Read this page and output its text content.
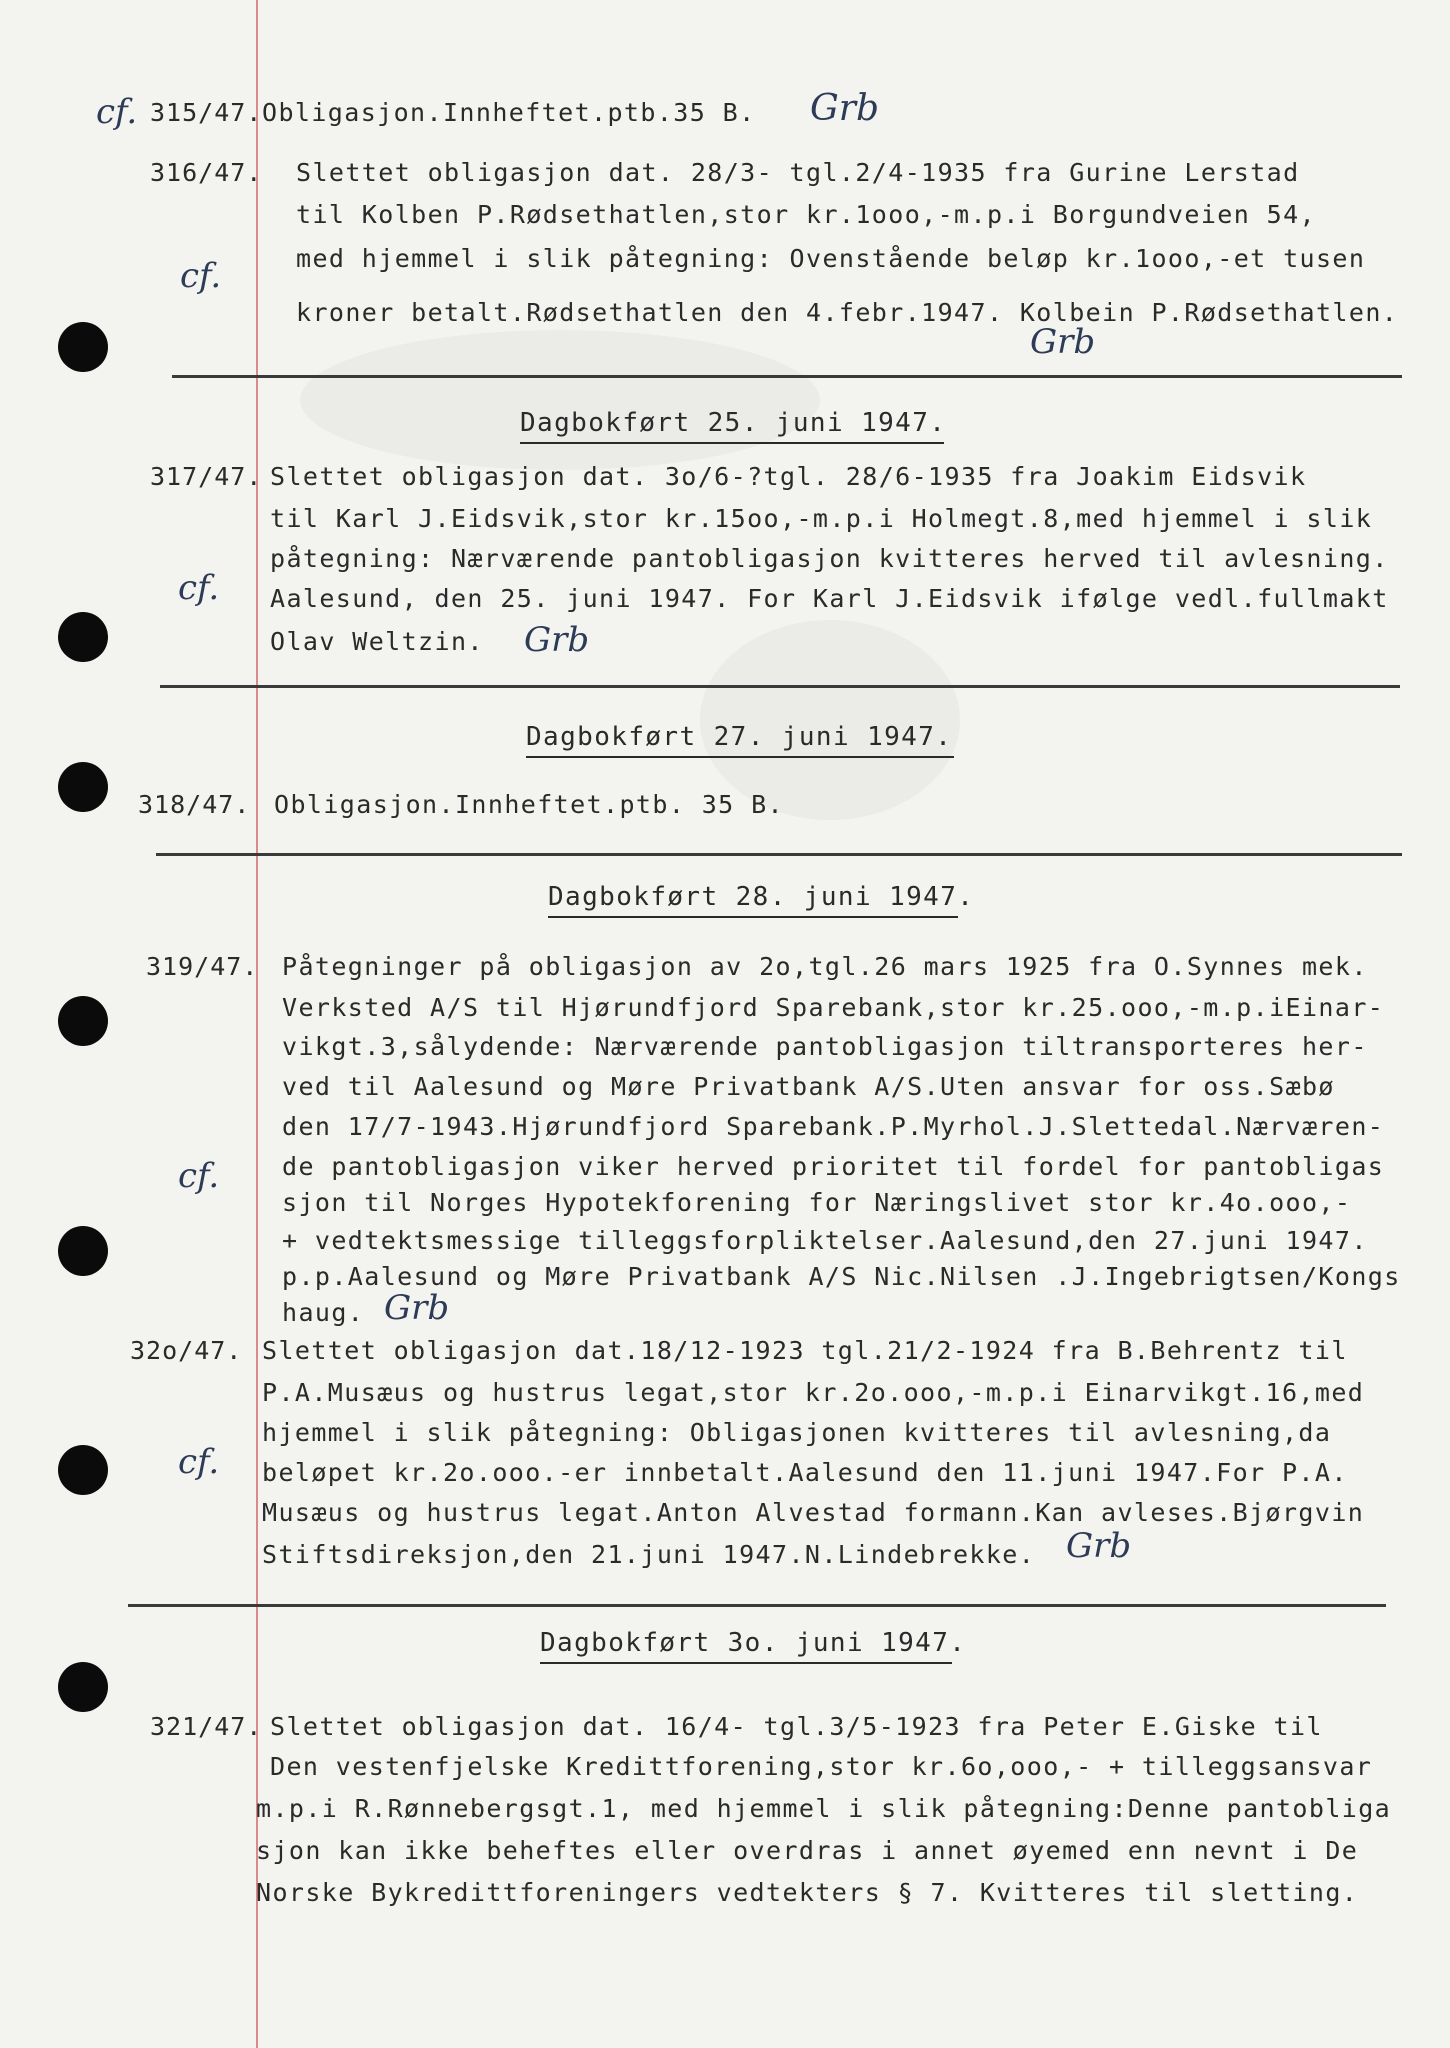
cf. 315/47. Obligasjon.Innheftet.ptb.35 B. Grb
316/47. Slettet obligasjon dat. 28/3- tgl.2/4-1935 fra Gurine Lerstad
til Kolben P.Rødsethatlen,stor kr.1ooo,-m.p.i Borgundveien 54,
med hjemmel i slik påtegning: Ovenstående beløp kr.1ooo,-et tusen
kroner betalt.Rødsethatlen den 4.febr.1947. Kolbein P.Rødsethatlen.
cf.
Grb
Dagbokført 25. juni 1947.
317/47. Slettet obligasjon dat. 3o/6-?tgl. 28/6-1935 fra Joakim Eidsvik
til Karl J.Eidsvik,stor kr.15oo,-m.p.i Holmegt.8,med hjemmel i slik
påtegning: Nærværende pantobligasjon kvitteres herved til avlesning.
Aalesund, den 25. juni 1947. For Karl J.Eidsvik ifølge vedl.fullmakt
Olav Weltzin.
cf.
Grb
Dagbokført 27. juni 1947.
318/47. Obligasjon.Innheftet.ptb. 35 B.
Dagbokført 28. juni 1947.
319/47. Påtegninger på obligasjon av 2o,tgl.26 mars 1925 fra O.Synnes mek.
Verksted A/S til Hjørundfjord Sparebank,stor kr.25.ooo,-m.p.iEinar-
vikgt.3,sålydende: Nærværende pantobligasjon tiltransporteres her-
ved til Aalesund og Møre Privatbank A/S.Uten ansvar for oss.Sæbø
den 17/7-1943.Hjørundfjord Sparebank.P.Myrhol.J.Slettedal.Nærværen-
de pantobligasjon viker herved prioritet til fordel for pantobligas
sjon til Norges Hypotekforening for Næringslivet stor kr.4o.ooo,-
+ vedtektsmessige tilleggsforpliktelser.Aalesund,den 27.juni 1947.
p.p.Aalesund og Møre Privatbank A/S Nic.Nilsen .J.Ingebrigtsen/Kongs
haug.
cf.
Grb
32o/47. Slettet obligasjon dat.18/12-1923 tgl.21/2-1924 fra B.Behrentz til
P.A.Musæus og hustrus legat,stor kr.2o.ooo,-m.p.i Einarvikgt.16,med
hjemmel i slik påtegning: Obligasjonen kvitteres til avlesning,da
beløpet kr.2o.ooo.-er innbetalt.Aalesund den 11.juni 1947.For P.A.
Musæus og hustrus legat.Anton Alvestad formann.Kan avleses.Bjørgvin
Stiftsdireksjon,den 21.juni 1947.N.Lindebrekke.
cf.
Grb
Dagbokført 3o. juni 1947.
321/47. Slettet obligasjon dat. 16/4- tgl.3/5-1923 fra Peter E.Giske til
Den vestenfjelske Kredittforening,stor kr.6o,ooo,- + tilleggsansvar
m.p.i R.Rønnebergsgt.1, med hjemmel i slik påtegning:Denne pantobliga
sjon kan ikke beheftes eller overdras i annet øyemed enn nevnt i De
Norske Bykredittforeningers vedtekters § 7. Kvitteres til sletting.
